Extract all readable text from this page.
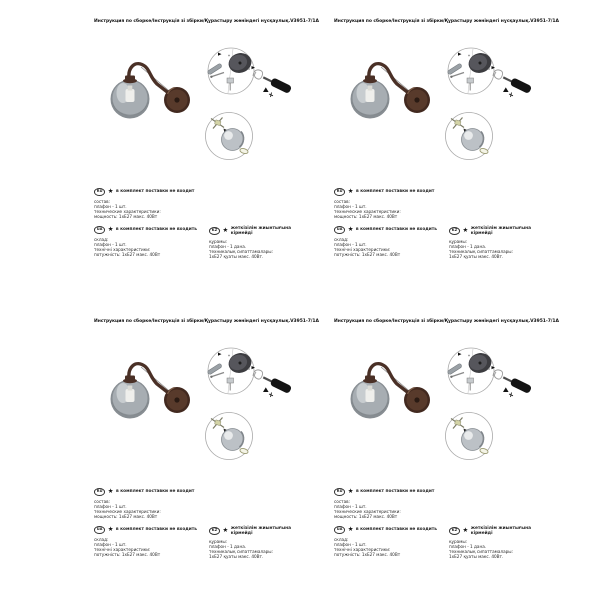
Инструкция по сборке/Інструкція зі збірки/Құрастыру жөніндегі нұсқаулық.V3951-7/1A
RU ★ в комплект поставки не входит
состав:
плафон - 1 шт.
технические характеристики:
мощность: 1хЕ27 макс. 40Вт
UA ★ в комплект поставки не входить
склад:
плафон - 1 шт.
технічні характеристики:
потужність: 1хЕ27 макс. 40Вт
KZ ★ жеткізілім жиынтығына кірмейді
құрамы:
плафон - 1 дана.
техникалық сипаттамалары:
1хЕ27 қуаты макс. 40Вт.
Инструкция по сборке/Інструкція зі збірки/Құрастыру жөніндегі нұсқаулық.V3951-7/1A
RU ★ в комплект поставки не входит
состав:
плафон - 1 шт.
технические характеристики:
мощность: 1хЕ27 макс. 40Вт
UA ★ в комплект поставки не входить
склад:
плафон - 1 шт.
технічні характеристики:
потужність: 1хЕ27 макс. 40Вт
KZ ★ жеткізілім жиынтығына кірмейді
құрамы:
плафон - 1 дана.
техникалық сипаттамалары:
1хЕ27 қуаты макс. 40Вт.
Инструкция по сборке/Інструкція зі збірки/Құрастыру жөніндегі нұсқаулық.V3951-7/1A
RU ★ в комплект поставки не входит
состав:
плафон - 1 шт.
технические характеристики:
мощность: 1хЕ27 макс. 40Вт
UA ★ в комплект поставки не входить
склад:
плафон - 1 шт.
технічні характеристики:
потужність: 1хЕ27 макс. 40Вт
KZ ★ жеткізілім жиынтығына кірмейді
құрамы:
плафон - 1 дана.
техникалық сипаттамалары:
1хЕ27 қуаты макс. 40Вт.
Инструкция по сборке/Інструкція зі збірки/Құрастыру жөніндегі нұсқаулық.V3951-7/1A
RU ★ в комплект поставки не входит
состав:
плафон - 1 шт.
технические характеристики:
мощность: 1хЕ27 макс. 40Вт
UA ★ в комплект поставки не входить
склад:
плафон - 1 шт.
технічні характеристики:
потужність: 1хЕ27 макс. 40Вт
KZ ★ жеткізілім жиынтығына кірмейді
құрамы:
плафон - 1 дана.
техникалық сипаттамалары:
1хЕ27 қуаты макс. 40Вт.
